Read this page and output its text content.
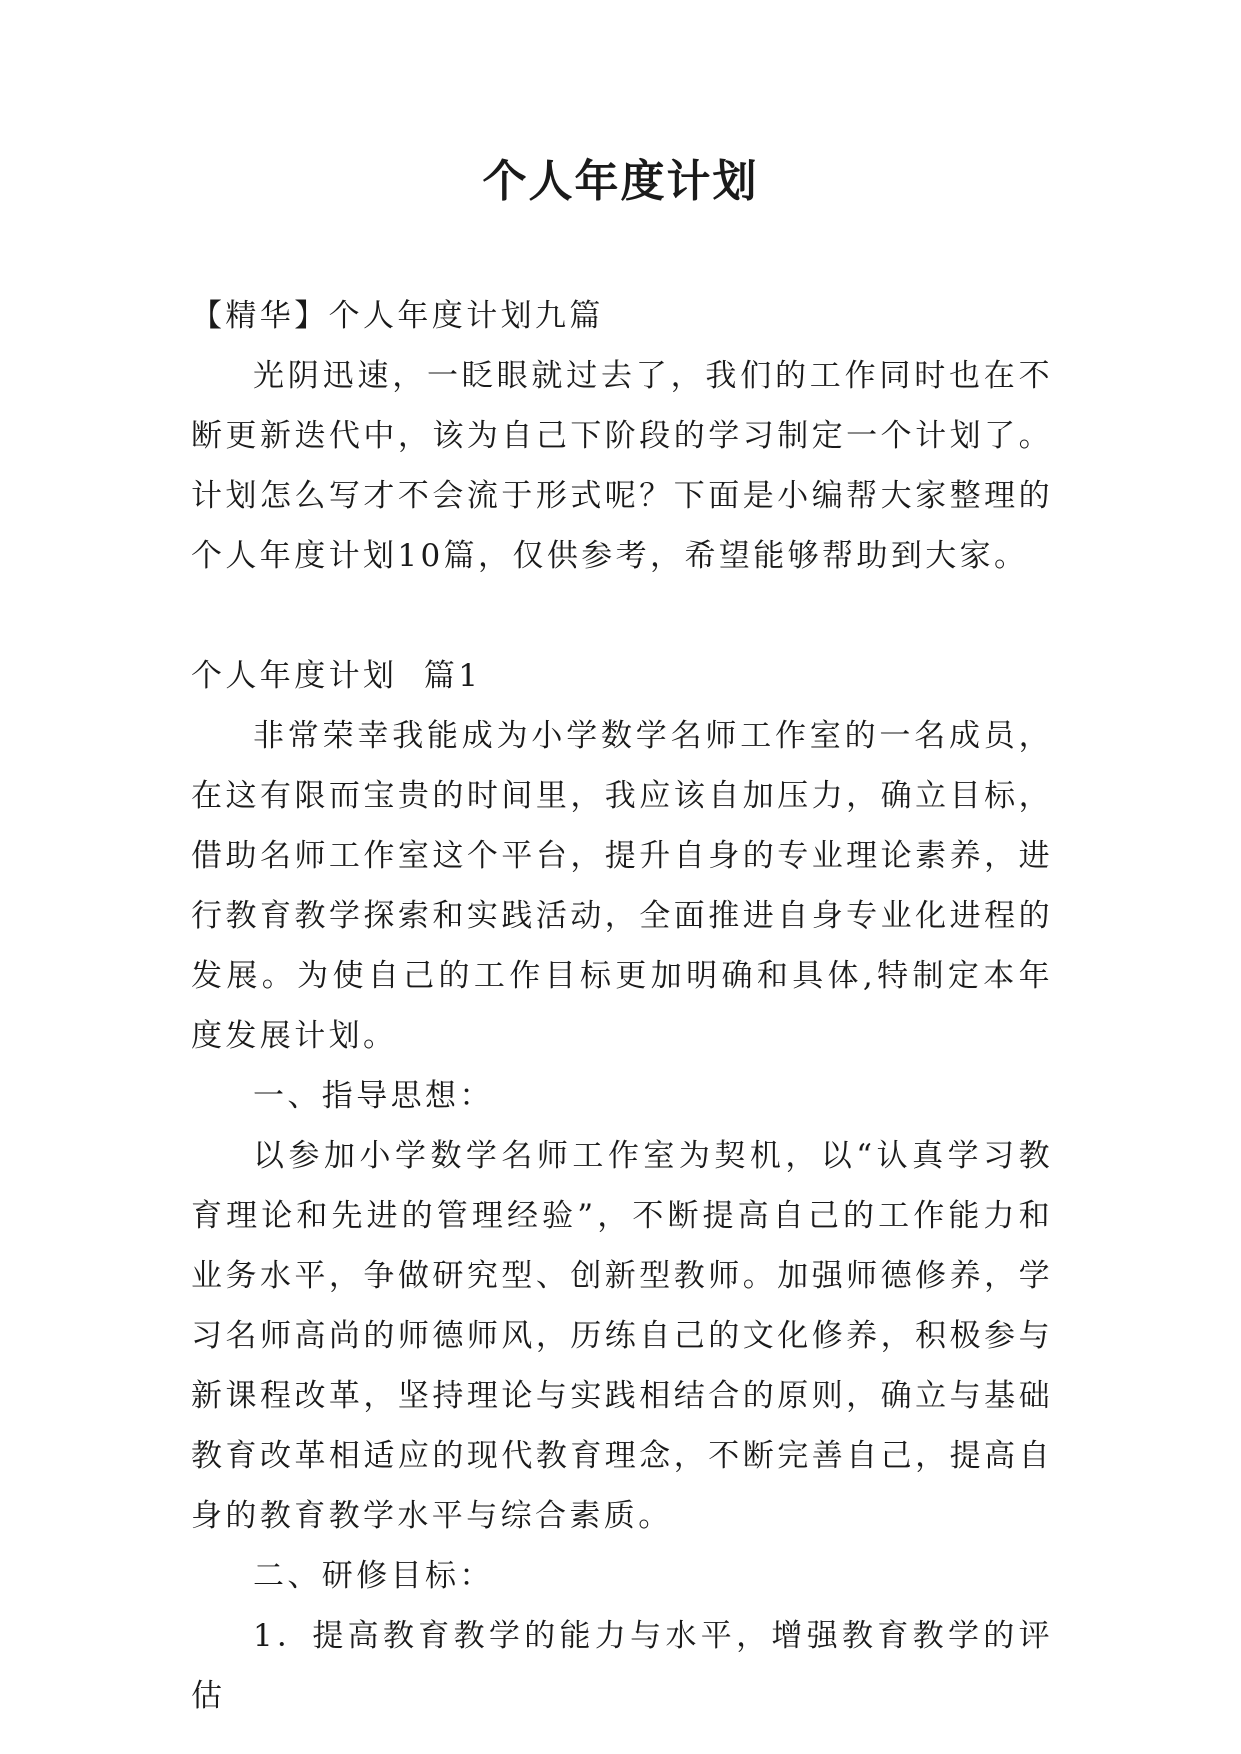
个人年度计划

【精华】个人年度计划九篇

光阴迅速，一眨眼就过去了，我们的工作同时也在不断更新迭代中，该为自己下阶段的学习制定一个计划了。计划怎么写才不会流于形式呢？下面是小编帮大家整理的个人年度计划10篇，仅供参考，希望能够帮助到大家。

个人年度计划  篇1

非常荣幸我能成为小学数学名师工作室的一名成员，在这有限而宝贵的时间里，我应该自加压力，确立目标，借助名师工作室这个平台，提升自身的专业理论素养，进行教育教学探索和实践活动，全面推进自身专业化进程的发展。为使自己的工作目标更加明确和具体,特制定本年度发展计划。

一、指导思想：

以参加小学数学名师工作室为契机，以“认真学习教育理论和先进的管理经验”，不断提高自己的工作能力和业务水平，争做研究型、创新型教师。加强师德修养，学习名师高尚的师德师风，历练自己的文化修养，积极参与新课程改革，坚持理论与实践相结合的原则，确立与基础教育改革相适应的现代教育理念，不断完善自己，提高自身的教育教学水平与综合素质。

二、研修目标：

1．提高教育教学的能力与水平，增强教育教学的评估
